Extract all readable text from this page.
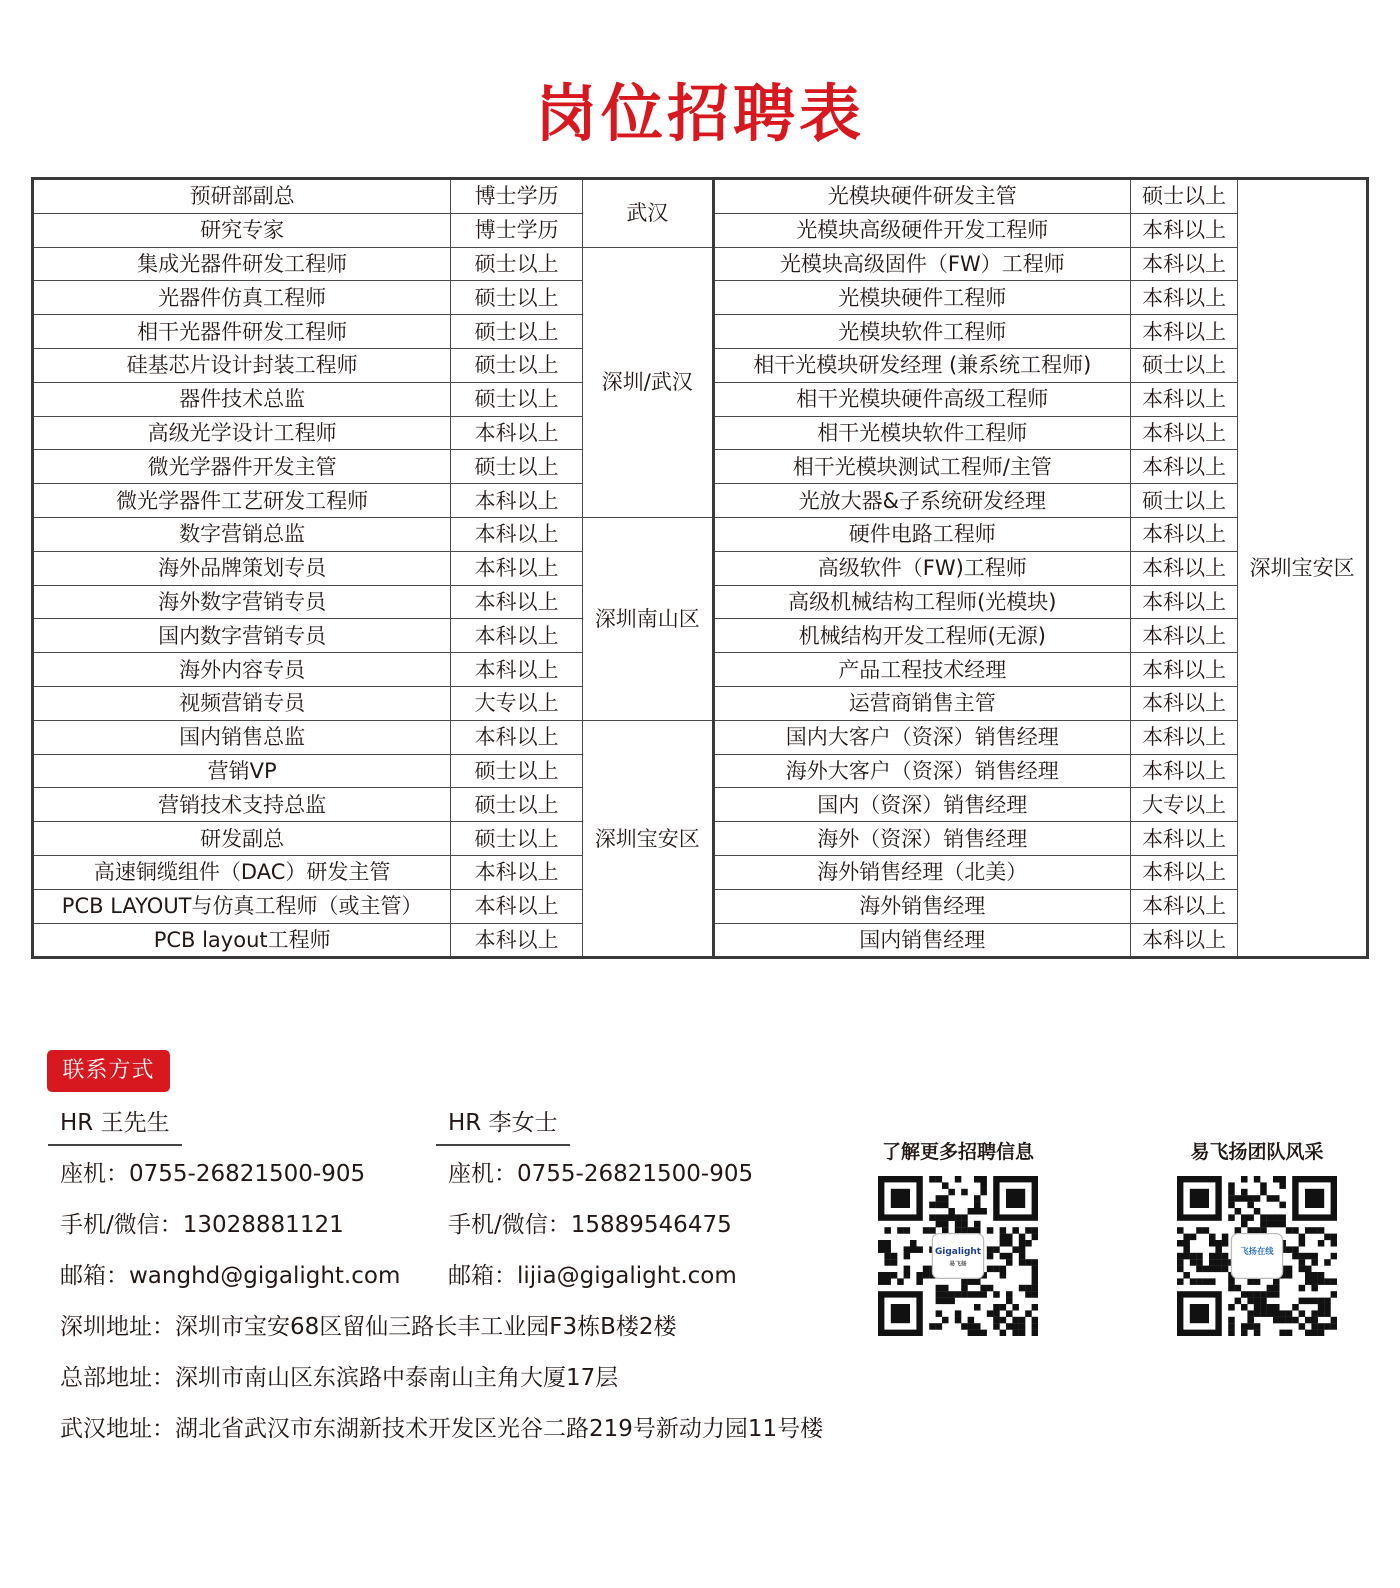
岗位招聘表
预研部副总	博士学历	武汉	光模块硬件研发主管	硕士以上	深圳宝安区
研究专家	博士学历		光模块高级硬件开发工程师	本科以上	
集成光器件研发工程师	硕士以上	深圳/武汉	光模块高级固件（FW）工程师	本科以上	
光器件仿真工程师	硕士以上		光模块硬件工程师	本科以上	
相干光器件研发工程师	硕士以上		光模块软件工程师	本科以上	
硅基芯片设计封装工程师	硕士以上		相干光模块研发经理 (兼系统工程师)	硕士以上	
器件技术总监	硕士以上		相干光模块硬件高级工程师	本科以上	
高级光学设计工程师	本科以上		相干光模块软件工程师	本科以上	
微光学器件开发主管	硕士以上		相干光模块测试工程师/主管	本科以上	
微光学器件工艺研发工程师	本科以上		光放大器&子系统研发经理	硕士以上	
数字营销总监	本科以上	深圳南山区	硬件电路工程师	本科以上	
海外品牌策划专员	本科以上		高级软件（FW)工程师	本科以上	
海外数字营销专员	本科以上		高级机械结构工程师(光模块)	本科以上	
国内数字营销专员	本科以上		机械结构开发工程师(无源)	本科以上	
海外内容专员	本科以上		产品工程技术经理	本科以上	
视频营销专员	大专以上		运营商销售主管	本科以上	
国内销售总监	本科以上	深圳宝安区	国内大客户（资深）销售经理	本科以上	
营销VP	硕士以上		海外大客户（资深）销售经理	本科以上	
营销技术支持总监	硕士以上		国内（资深）销售经理	大专以上	
研发副总	硕士以上		海外（资深）销售经理	本科以上	
高速铜缆组件（DAC）研发主管	本科以上		海外销售经理（北美）	本科以上	
PCB LAYOUT与仿真工程师（或主管）	本科以上		海外销售经理	本科以上	
PCB layout工程师	本科以上		国内销售经理	本科以上	
联系方式
HR 王先生	HR 李女士
座机：0755-26821500-905	座机：0755-26821500-905
手机/微信：13028881121	手机/微信：15889546475
邮箱：wanghd@gigalight.com 邮箱：lijia@gigalight.com
深圳地址：深圳市宝安68区留仙三路长丰工业园F3栋B楼2楼
总部地址：深圳市南山区东滨路中泰南山主角大厦17层
武汉地址：湖北省武汉市东湖新技术开发区光谷二路219号新动力园11号楼
了解更多招聘信息	易飞扬团队风采
Gigalight	飞扬在线
